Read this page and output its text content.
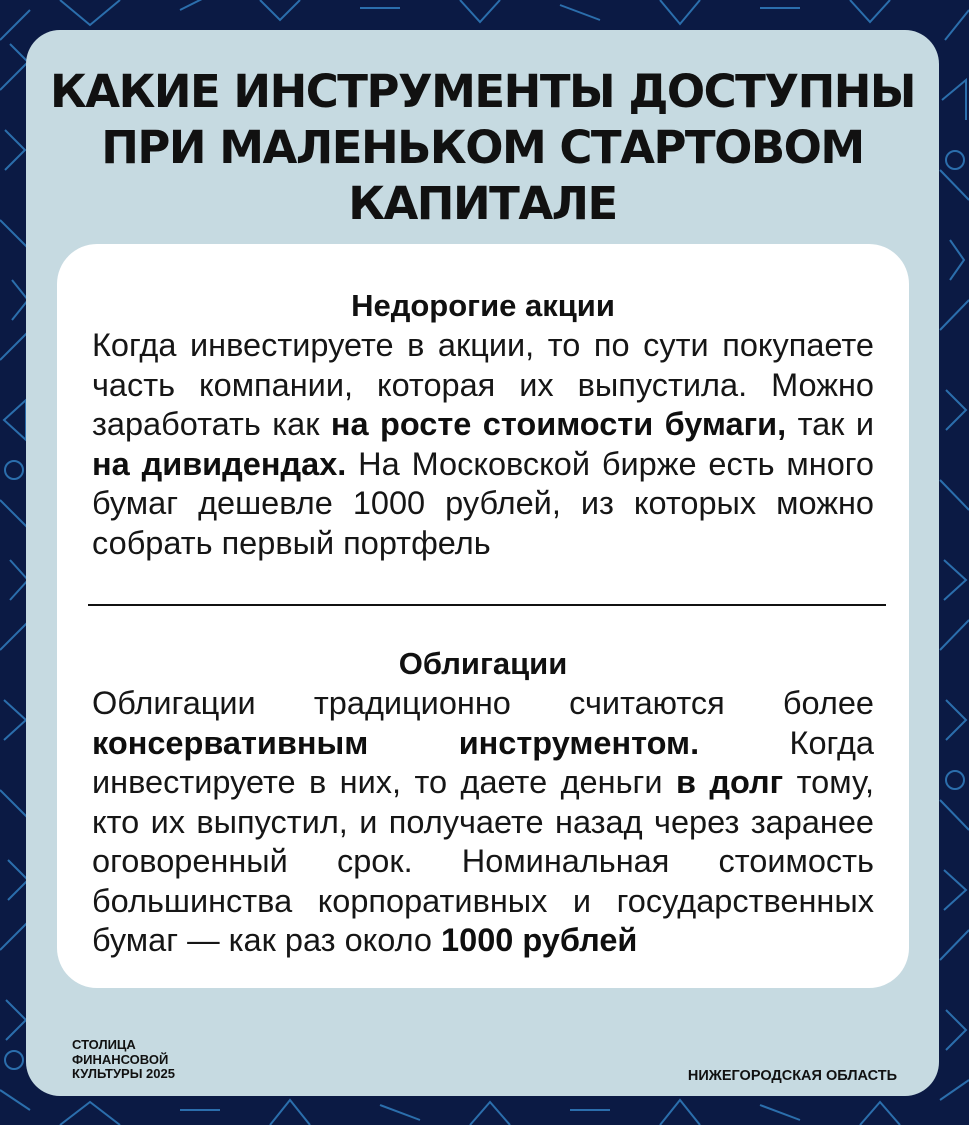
КАКИЕ ИНСТРУМЕНТЫ ДОСТУПНЫ
ПРИ МАЛЕНЬКОМ СТАРТОВОМ
КАПИТАЛЕ
Недорогие акции

Когда инвестируете в акции, то по сути покупаете часть компании, которая их выпустила. Можно заработать как на росте стоимости бумаги, так и на дивидендах. На Московской бирже есть много бумаг дешевле 1000 рублей, из которых можно собрать первый портфель

Облигации

Облигации традиционно считаются более консервативным инструментом. Когда инвестируете в них, то даете деньги в долг тому, кто их выпустил, и получаете назад через заранее оговоренный срок. Номинальная стоимость большинства корпоративных и государственных бумаг — как раз около 1000 рублей

СТОЛИЦА
ФИНАНСОВОЙ
КУЛЬТУРЫ 2025	НИЖЕГОРОДСКАЯ ОБЛАСТЬ
